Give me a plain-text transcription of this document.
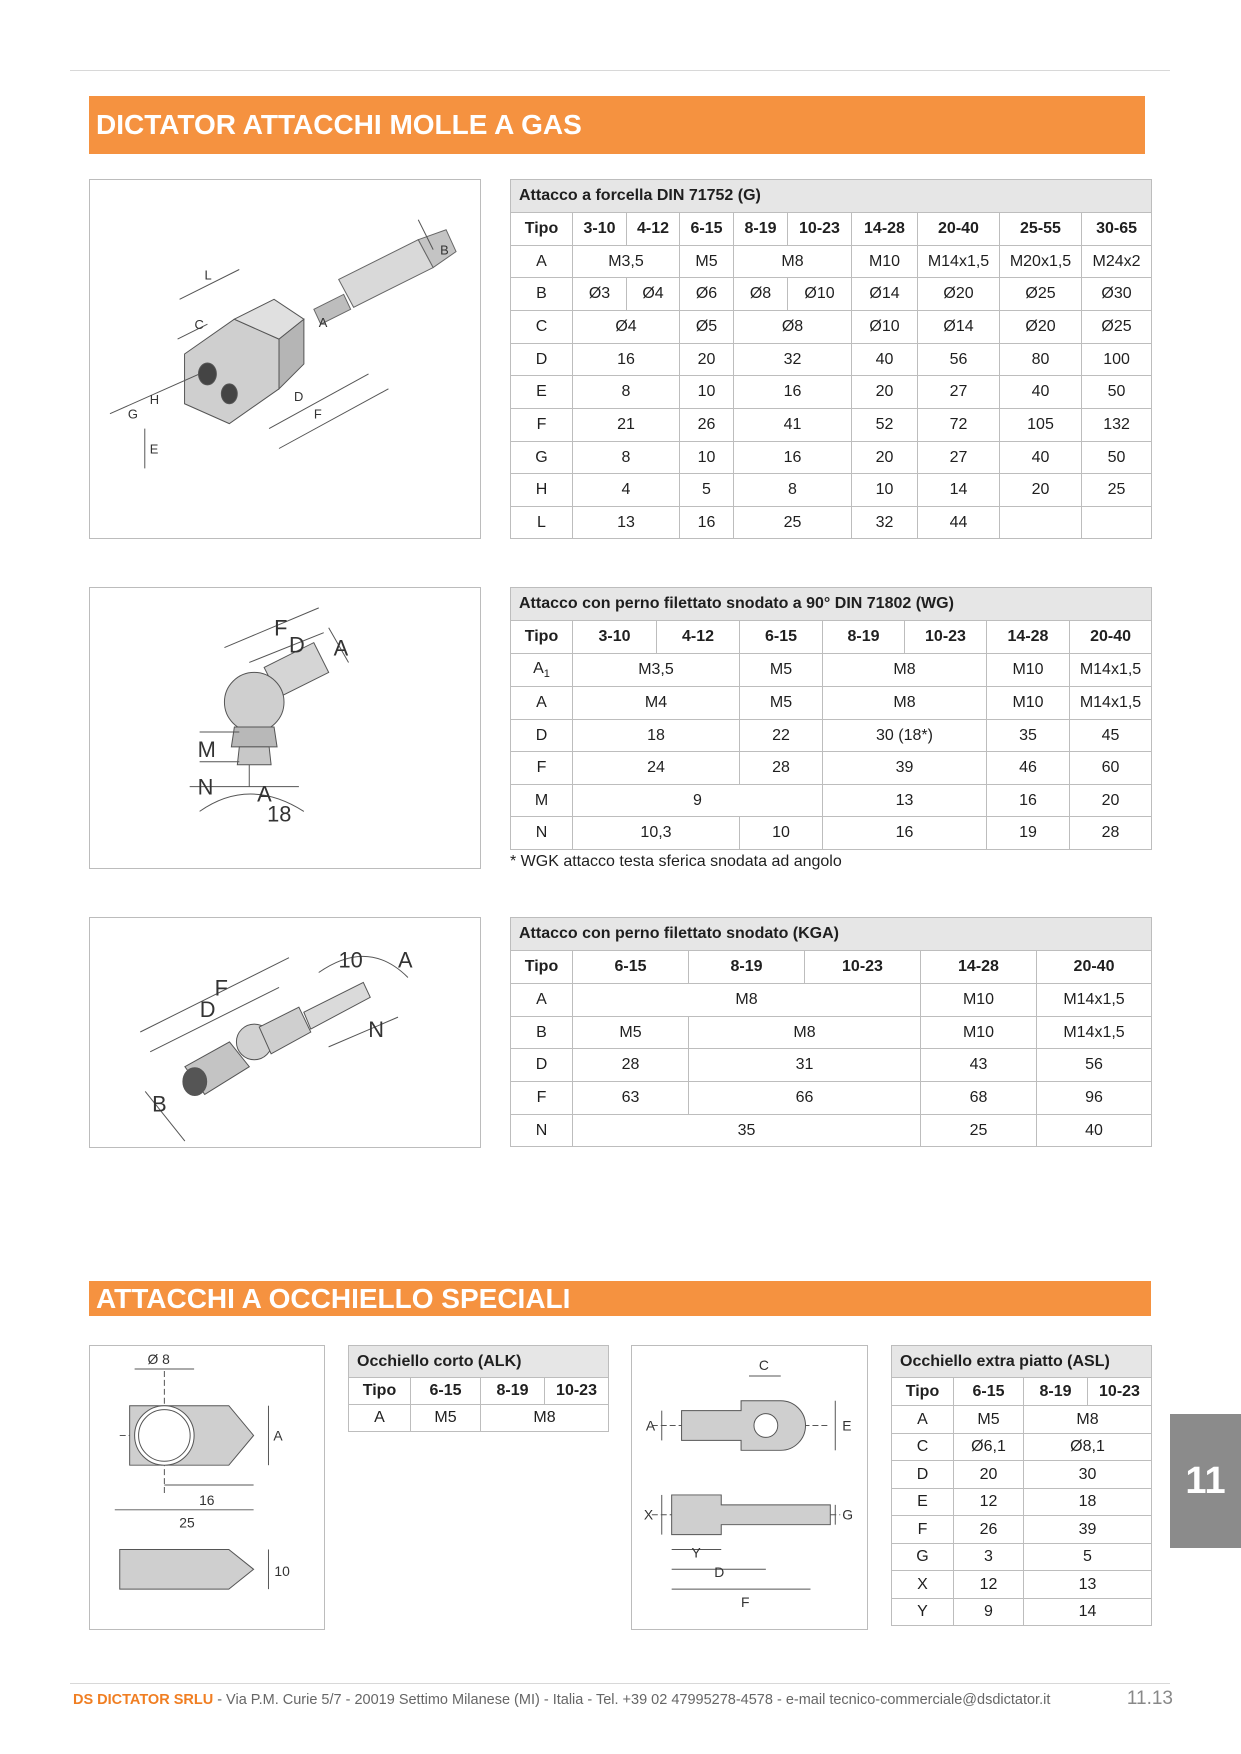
DICTATOR ATTACCHI MOLLE A GAS
L
C
B
A
H
G
D
F
E
Attacco a forcella DIN 71752 (G)									
Tipo	3-10	4-12	6-15	8-19	10-23	14-28	20-40	25-55	30-65
A	M3,5		M5	M8		M10	M14x1,5	M20x1,5	M24x2
B	Ø3	Ø4	Ø6	Ø8	Ø10	Ø14	Ø20	Ø25	Ø30
C	Ø4		Ø5	Ø8		Ø10	Ø14	Ø20	Ø25
D	16		20	32		40	56	80	100
E	8		10	16		20	27	40	50
F	21		26	41		52	72	105	132
G	8		10	16		20	27	40	50
H	4		5	8		10	14	20	25
L	13		16	25		32	44		
F
D A
M
N A
18
Attacco con perno filettato snodato a 90° DIN 71802 (WG)							
Tipo	3-10	4-12	6-15	8-19	10-23	14-28	20-40
$A_1$	M3,5		M5	M8		M10	M14x1,5
A	M4		M5	M8		M10	M14x1,5
D	18		22	30 (18*)		35	45
F	24		28	39		46	60
M	9			13		16	20
N	10,3		10	16		19	28
* WGK attacco testa sferica snodata ad angolo
10 A
D
F
N
B
Attacco con perno filettato snodato (KGA)					
Tipo	6-15	8-19	10-23	14-28	20-40
A	M8			M10	M14x1,5
B	M5	M8		M10	M14x1,5
D	28	31		43	56
F	63	66		68	96
N	35			25	40
ATTACCHI A OCCHIELLO SPECIALI
Ø 8
A
16
25
10
Occhiello corto (ALK)			
Tipo	6-15	8-19	10-23
A	M5	M8	
C
A	E
X	G
Y
D
F
Occhiello extra piatto (ASL)			
Tipo	6-15	8-19	10-23
A	M5	M8	
C	Ø6,1	Ø8,1	
D	20	30	
E	12	18	
F	26	39	
G	3	5	
X	12	13	
Y	9	14	
11
DS DICTATOR SRLU - Via P.M. Curie 5/7 - 20019 Settimo Milanese (MI) - Italia - Tel. +39 02 47995278-4578 - e-mail tecnico-commerciale@dsdictator.it	11.13
